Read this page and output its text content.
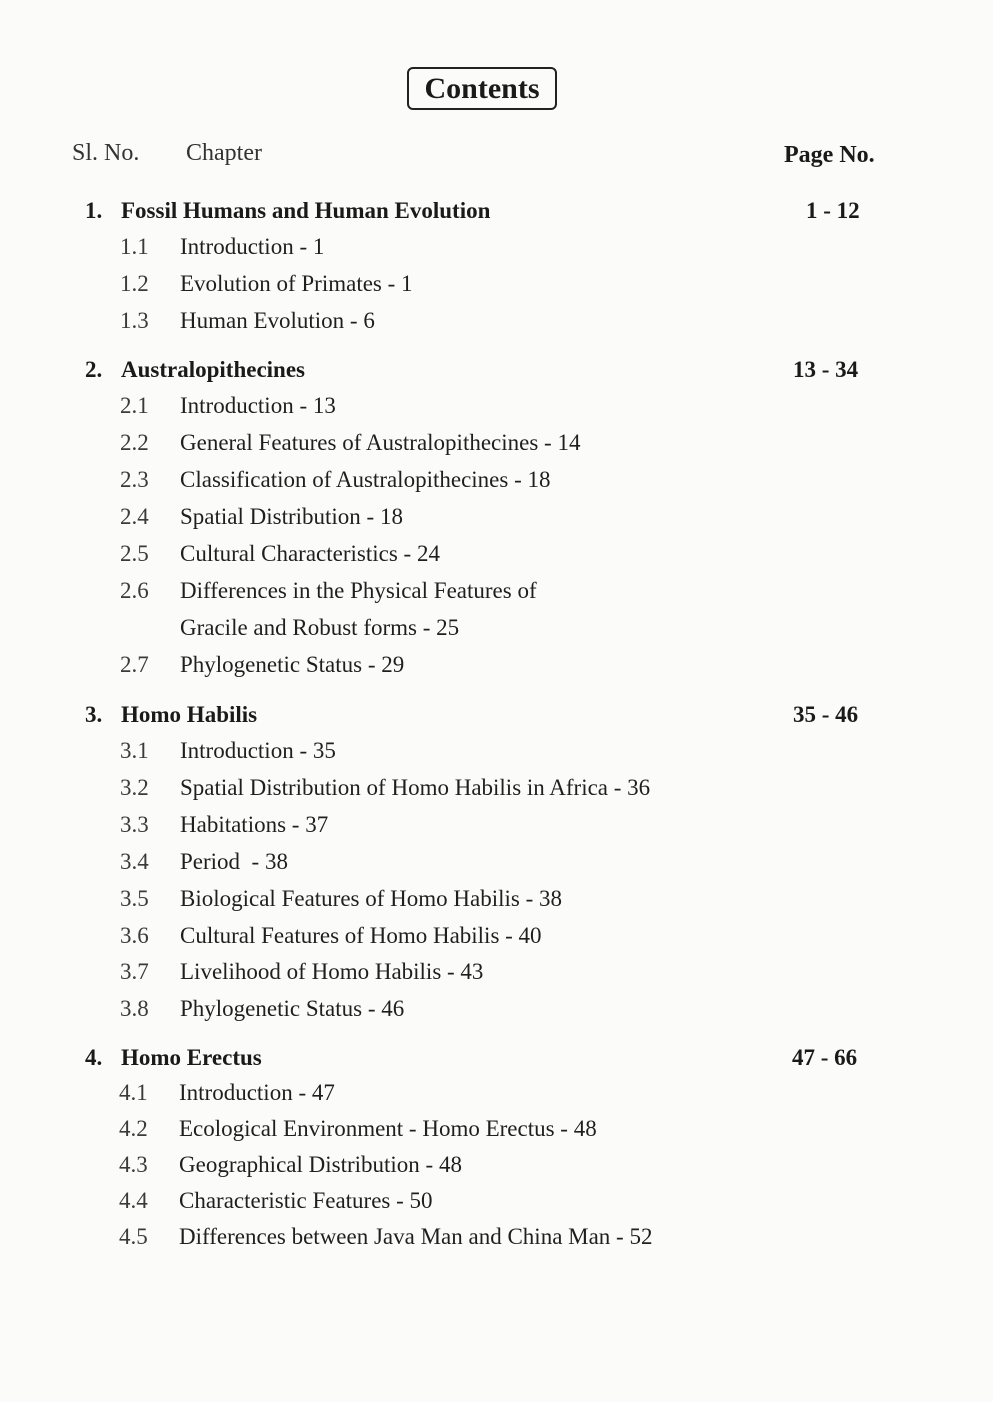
Contents
Sl. No. Chapter	Page No.
1. Fossil Humans and Human Evolution	1 - 12
1.1 Introduction - 1
1.2 Evolution of Primates - 1
1.3 Human Evolution - 6
2. Australopithecines	13 - 34
2.1 Introduction - 13
2.2 General Features of Australopithecines - 14
2.3 Classification of Australopithecines - 18
2.4 Spatial Distribution - 18
2.5 Cultural Characteristics - 24
2.6 Differences in the Physical Features of
Gracile and Robust forms - 25
2.7 Phylogenetic Status - 29
3. Homo Habilis	35 - 46
3.1 Introduction - 35
3.2 Spatial Distribution of Homo Habilis in Africa - 36
3.3 Habitations - 37
3.4 Period  - 38
3.5 Biological Features of Homo Habilis - 38
3.6 Cultural Features of Homo Habilis - 40
3.7 Livelihood of Homo Habilis - 43
3.8 Phylogenetic Status - 46
4. Homo Erectus	47 - 66
4.1 Introduction - 47
4.2 Ecological Environment - Homo Erectus - 48
4.3 Geographical Distribution - 48
4.4 Characteristic Features - 50
4.5 Differences between Java Man and China Man - 52
